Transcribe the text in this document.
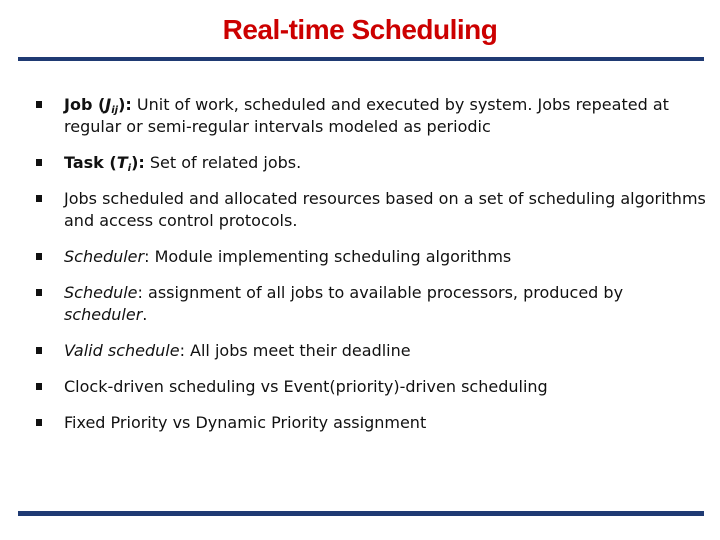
Real-time Scheduling
Job $(J_{ij})$: Unit of work, scheduled and executed by system. Jobs repeated at regular or semi-regular intervals modeled as periodic
Task $(T_i)$: Set of related jobs.
Jobs scheduled and allocated resources based on a set of scheduling algorithms and access control protocols.
Scheduler: Module implementing scheduling algorithms
Schedule: assignment of all jobs to available processors, produced by scheduler.
Valid schedule: All jobs meet their deadline
Clock-driven scheduling vs Event(priority)-driven scheduling
Fixed Priority vs Dynamic Priority assignment
